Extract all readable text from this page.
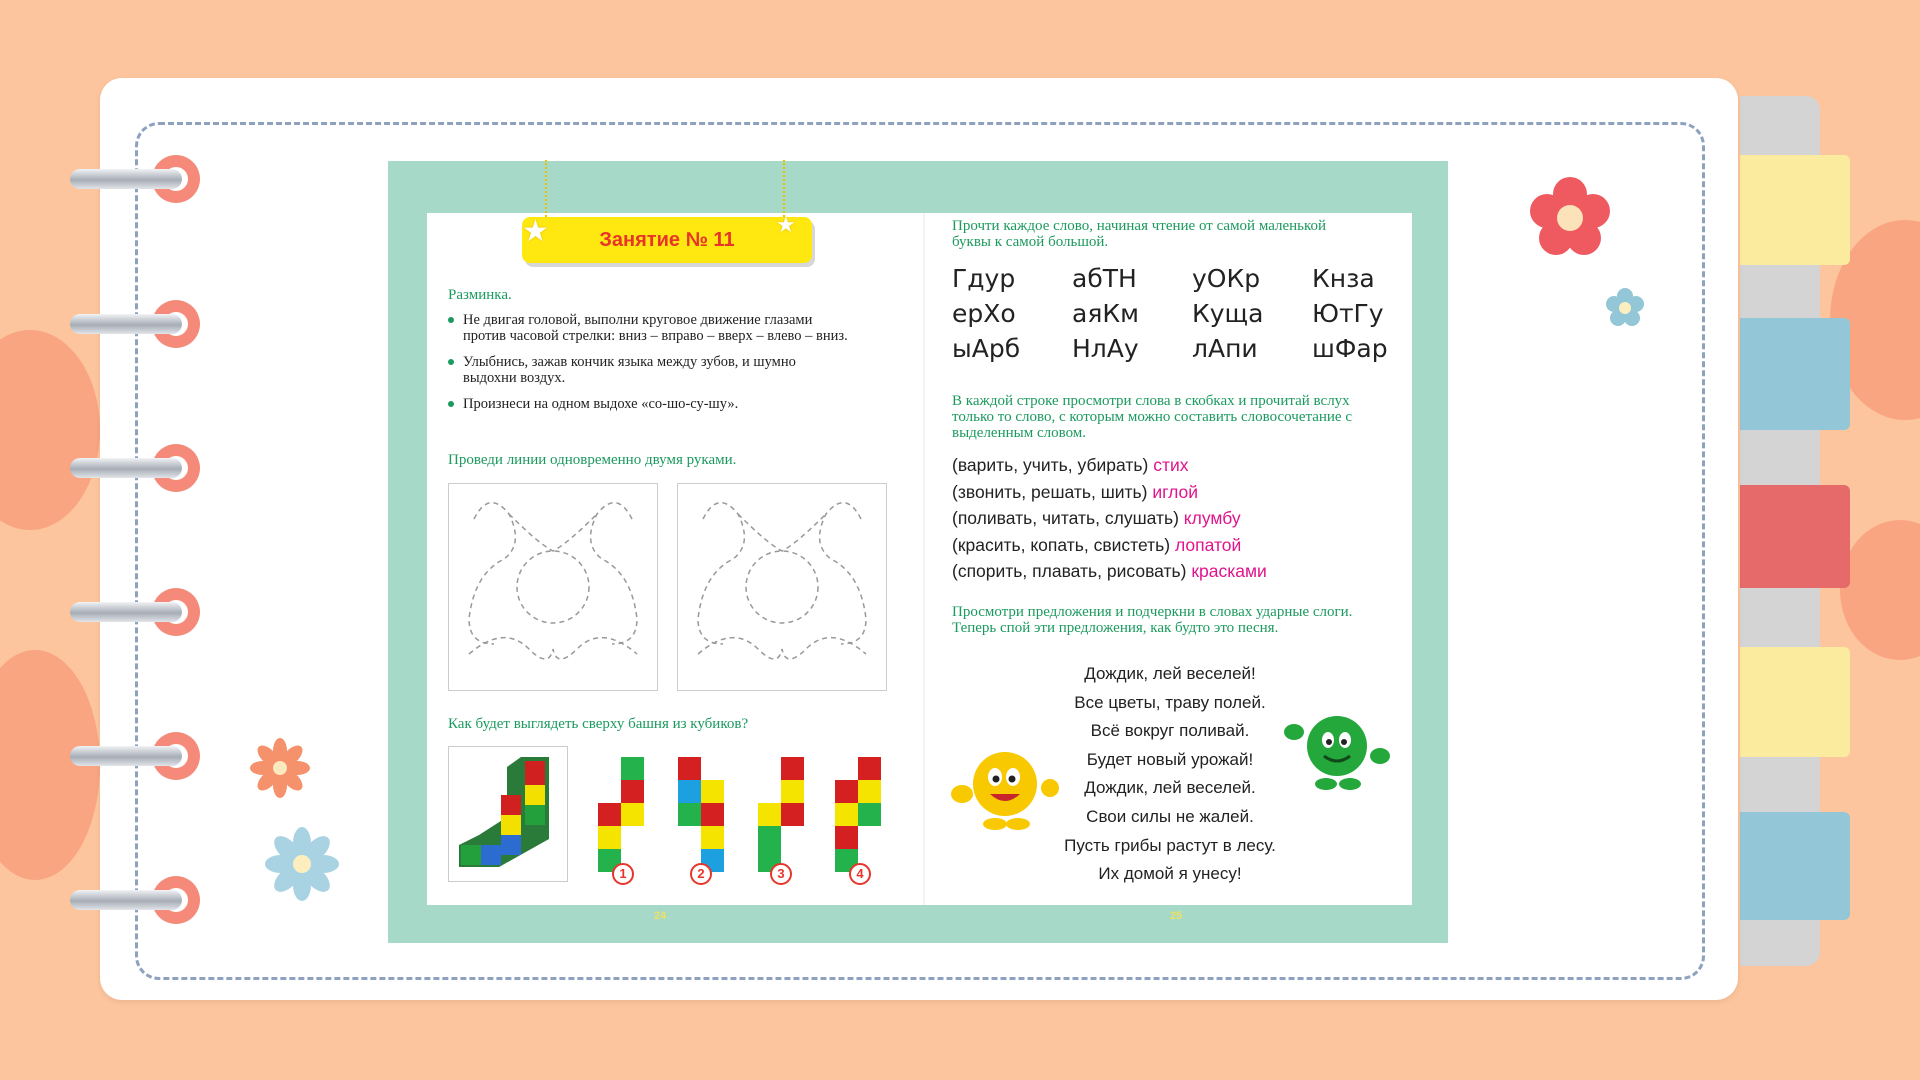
Занятие № 11
★	★
Разминка.
Не двигая головой, выполни круговое движение глазами против часовой стрелки: вниз – вправо – вверх – влево – вниз.
Улыбнись, зажав кончик языка между зубов, и шумно выдохни воздух.
Произнеси на одном выдохе «со-шо-су-шу».
Проведи линии одновременно двумя руками.
Как будет выглядеть сверху башня из кубиков?
1	2	3	4
Прочти каждое слово, начиная чтение от самой маленькой буквы к самой большой.
Гдур	абТН	уОКр	Кнза
ерХо	аяКм	Куща	ЮтГу
ыАрб	НлАу	лАпи	шФар
В каждой строке просмотри слова в скобках и прочитай вслух только то слово, с которым можно составить словосочетание с выделенным словом.
(варить, учить, убирать) стих
(звонить, решать, шить) иглой
(поливать, читать, слушать) клумбу
(красить, копать, свистеть) лопатой
(спорить, плавать, рисовать) красками
Просмотри предложения и подчеркни в словах ударные слоги. Теперь спой эти предложения, как будто это песня.
Дождик, лей веселей!
Все цветы, траву полей.
Всё вокруг поливай.
Будет новый урожай!
Дождик, лей веселей.
Свои силы не жалей.
Пусть грибы растут в лесу.
Их домой я унесу!
24	25
